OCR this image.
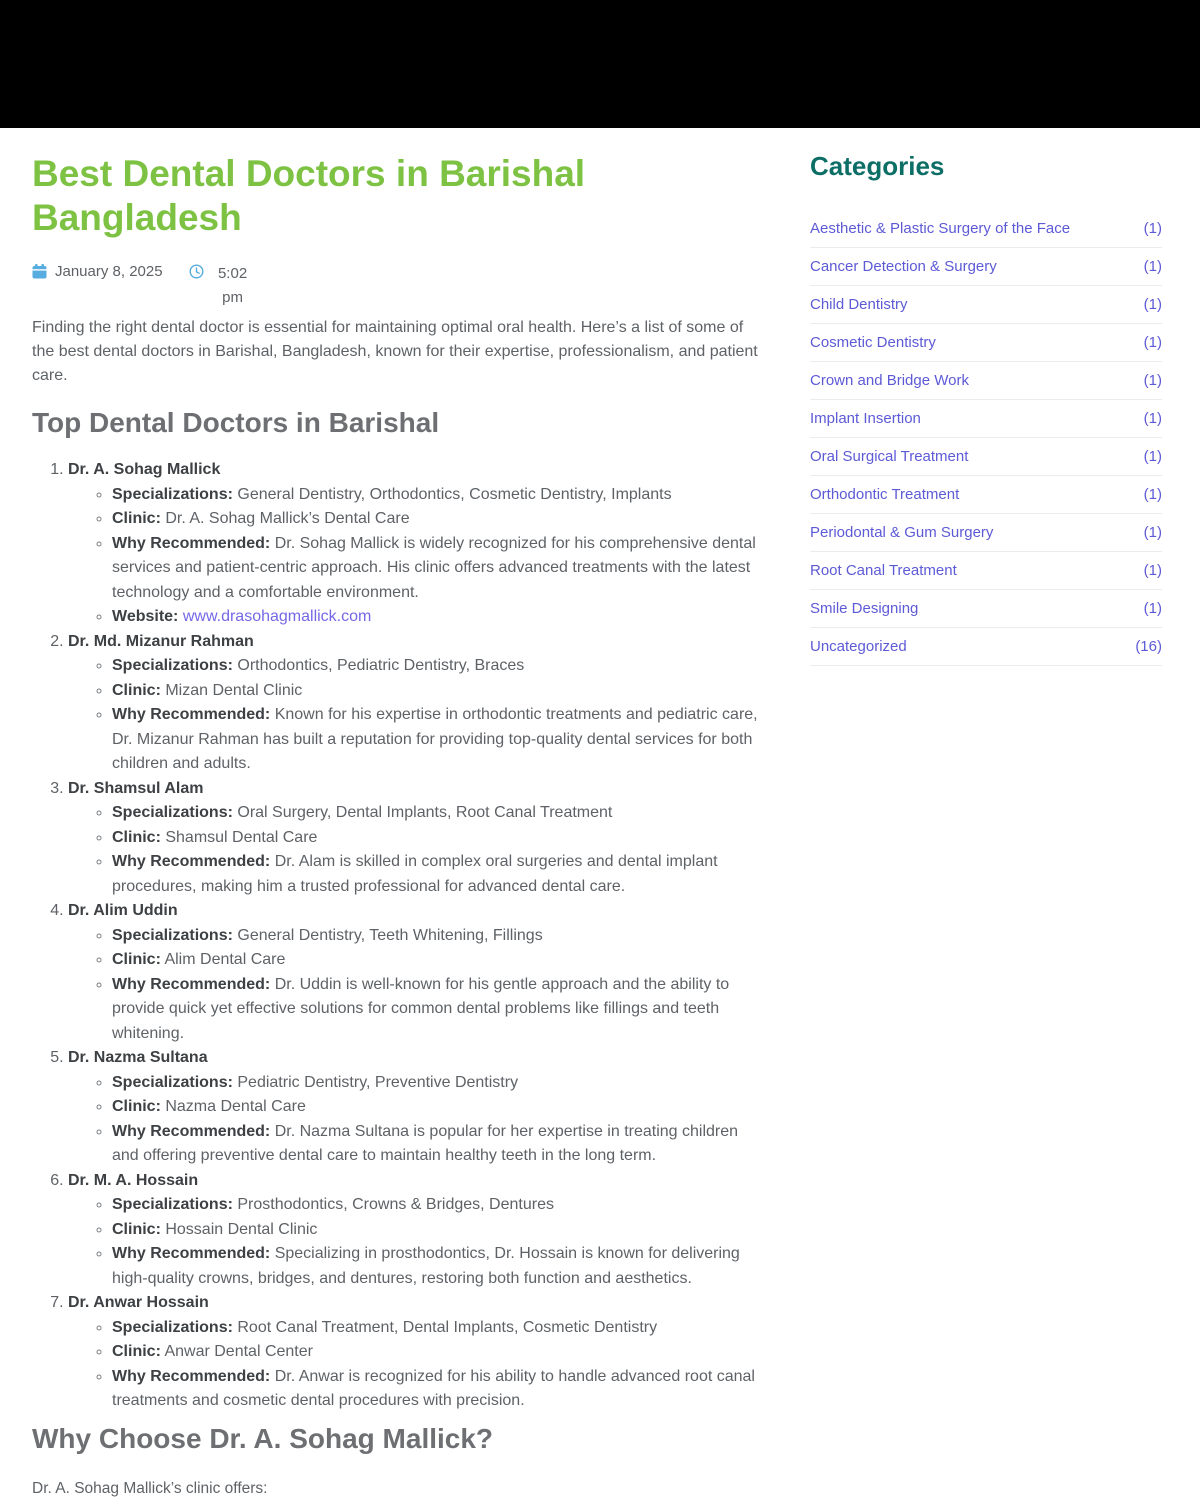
Best Dental Doctors in Barishal Bangladesh
January 8, 2025	5:02 pm

Finding the right dental doctor is essential for maintaining optimal oral health. Here’s a list of some of the best dental doctors in Barishal, Bangladesh, known for their expertise, professionalism, and patient care.

Top Dental Doctors in Barishal
1. Dr. A. Sohag Mallick
◦ Specializations: General Dentistry, Orthodontics, Cosmetic Dentistry, Implants
◦ Clinic: Dr. A. Sohag Mallick’s Dental Care
◦ Why Recommended: Dr. Sohag Mallick is widely recognized for his comprehensive dental services and patient-centric approach. His clinic offers advanced treatments with the latest technology and a comfortable environment.
◦ Website: www.drasohagmallick.com
2. Dr. Md. Mizanur Rahman
◦ Specializations: Orthodontics, Pediatric Dentistry, Braces
◦ Clinic: Mizan Dental Clinic
◦ Why Recommended: Known for his expertise in orthodontic treatments and pediatric care, Dr. Mizanur Rahman has built a reputation for providing top-quality dental services for both children and adults.
3. Dr. Shamsul Alam
◦ Specializations: Oral Surgery, Dental Implants, Root Canal Treatment
◦ Clinic: Shamsul Dental Care
◦ Why Recommended: Dr. Alam is skilled in complex oral surgeries and dental implant procedures, making him a trusted professional for advanced dental care.
4. Dr. Alim Uddin
◦ Specializations: General Dentistry, Teeth Whitening, Fillings
◦ Clinic: Alim Dental Care
◦ Why Recommended: Dr. Uddin is well-known for his gentle approach and the ability to provide quick yet effective solutions for common dental problems like fillings and teeth whitening.
5. Dr. Nazma Sultana
◦ Specializations: Pediatric Dentistry, Preventive Dentistry
◦ Clinic: Nazma Dental Care
◦ Why Recommended: Dr. Nazma Sultana is popular for her expertise in treating children and offering preventive dental care to maintain healthy teeth in the long term.
6. Dr. M. A. Hossain
◦ Specializations: Prosthodontics, Crowns & Bridges, Dentures
◦ Clinic: Hossain Dental Clinic
◦ Why Recommended: Specializing in prosthodontics, Dr. Hossain is known for delivering high-quality crowns, bridges, and dentures, restoring both function and aesthetics.
7. Dr. Anwar Hossain
◦ Specializations: Root Canal Treatment, Dental Implants, Cosmetic Dentistry
◦ Clinic: Anwar Dental Center
◦ Why Recommended: Dr. Anwar is recognized for his ability to handle advanced root canal treatments and cosmetic dental procedures with precision.
Why Choose Dr. A. Sohag Mallick?

Dr. A. Sohag Mallick’s clinic offers:

Categories
Aesthetic & Plastic Surgery of the Face	(1)
Cancer Detection & Surgery	(1)
Child Dentistry	(1)
Cosmetic Dentistry	(1)
Crown and Bridge Work	(1)
Implant Insertion	(1)
Oral Surgical Treatment	(1)
Orthodontic Treatment	(1)
Periodontal & Gum Surgery	(1)
Root Canal Treatment	(1)
Smile Designing	(1)
Uncategorized	(16)
